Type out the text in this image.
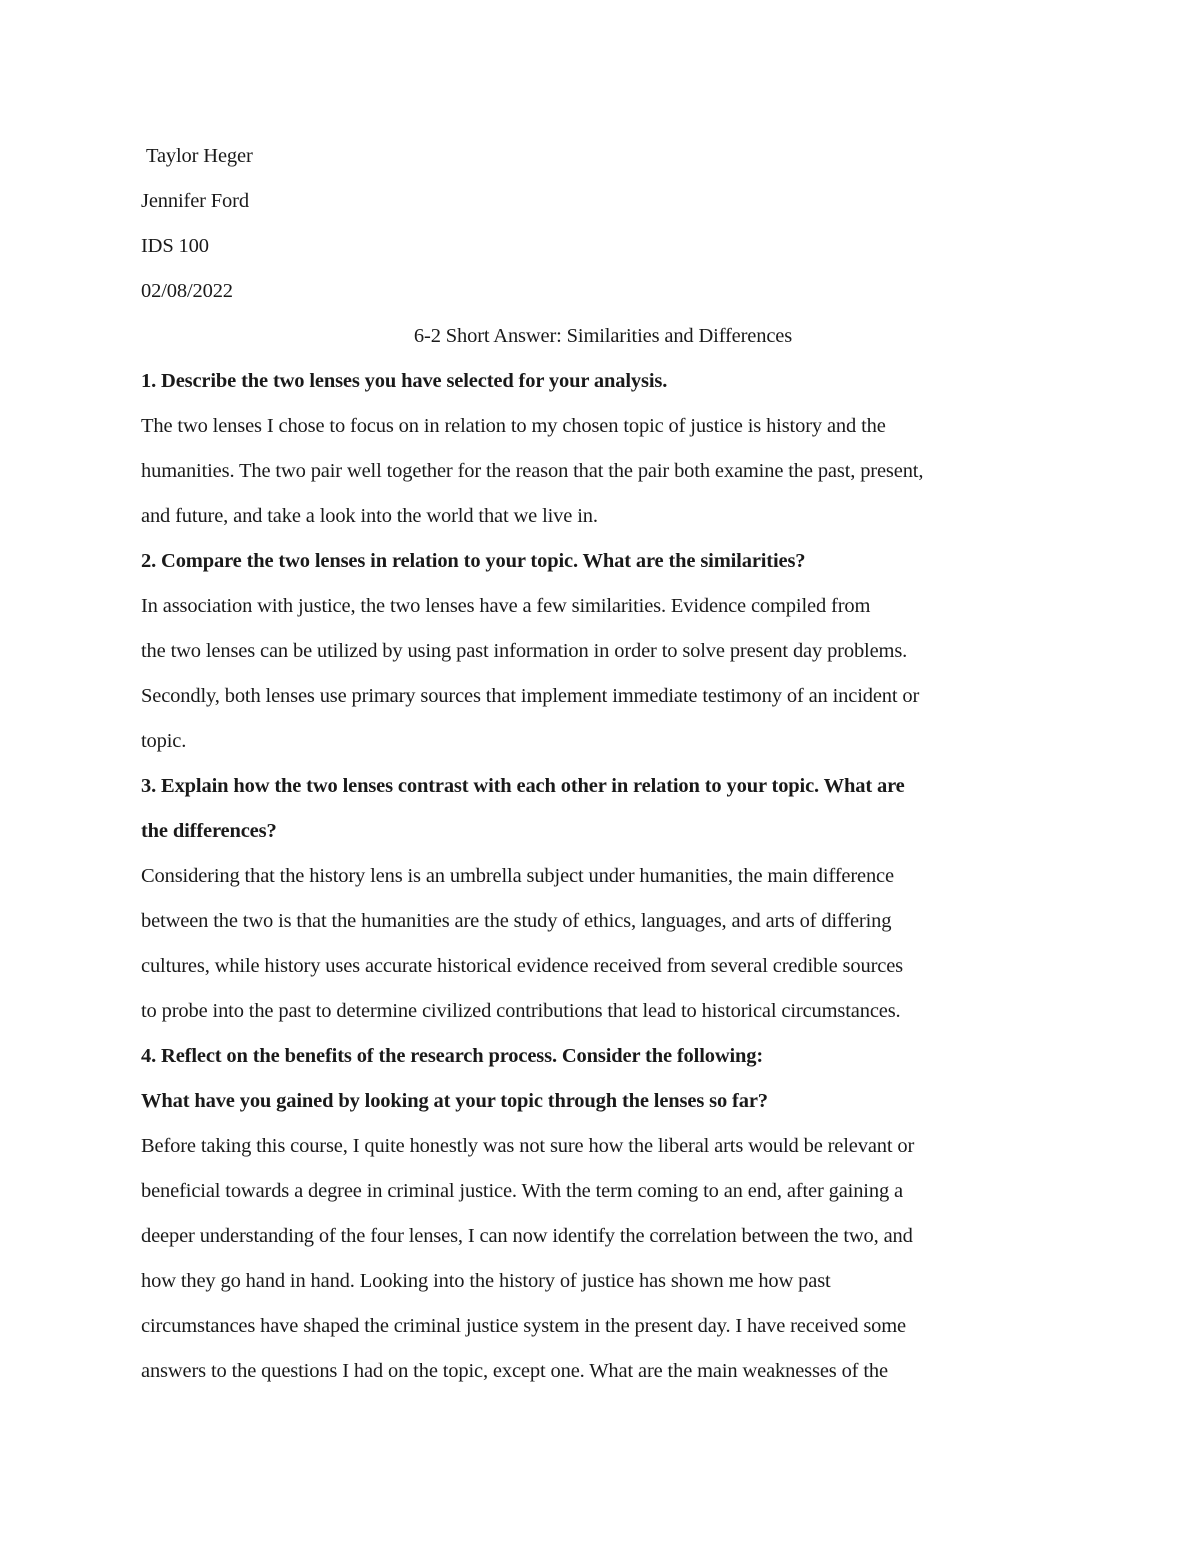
Taylor Heger
Jennifer Ford
IDS 100
02/08/2022
6-2 Short Answer: Similarities and Differences
1. Describe the two lenses you have selected for your analysis.
The two lenses I chose to focus on in relation to my chosen topic of justice is history and the
humanities. The two pair well together for the reason that the pair both examine the past, present,
and future, and take a look into the world that we live in.
2. Compare the two lenses in relation to your topic. What are the similarities?
In association with justice, the two lenses have a few similarities. Evidence compiled from
the two lenses can be utilized by using past information in order to solve present day problems.
Secondly, both lenses use primary sources that implement immediate testimony of an incident or
topic.
3. Explain how the two lenses contrast with each other in relation to your topic. What are
the differences?
Considering that the history lens is an umbrella subject under humanities, the main difference
between the two is that the humanities are the study of ethics, languages, and arts of differing
cultures, while history uses accurate historical evidence received from several credible sources
to probe into the past to determine civilized contributions that lead to historical circumstances.
4. Reflect on the benefits of the research process. Consider the following:
What have you gained by looking at your topic through the lenses so far?
Before taking this course, I quite honestly was not sure how the liberal arts would be relevant or
beneficial towards a degree in criminal justice. With the term coming to an end, after gaining a
deeper understanding of the four lenses, I can now identify the correlation between the two, and
how they go hand in hand. Looking into the history of justice has shown me how past
circumstances have shaped the criminal justice system in the present day. I have received some
answers to the questions I had on the topic, except one. What are the main weaknesses of the
